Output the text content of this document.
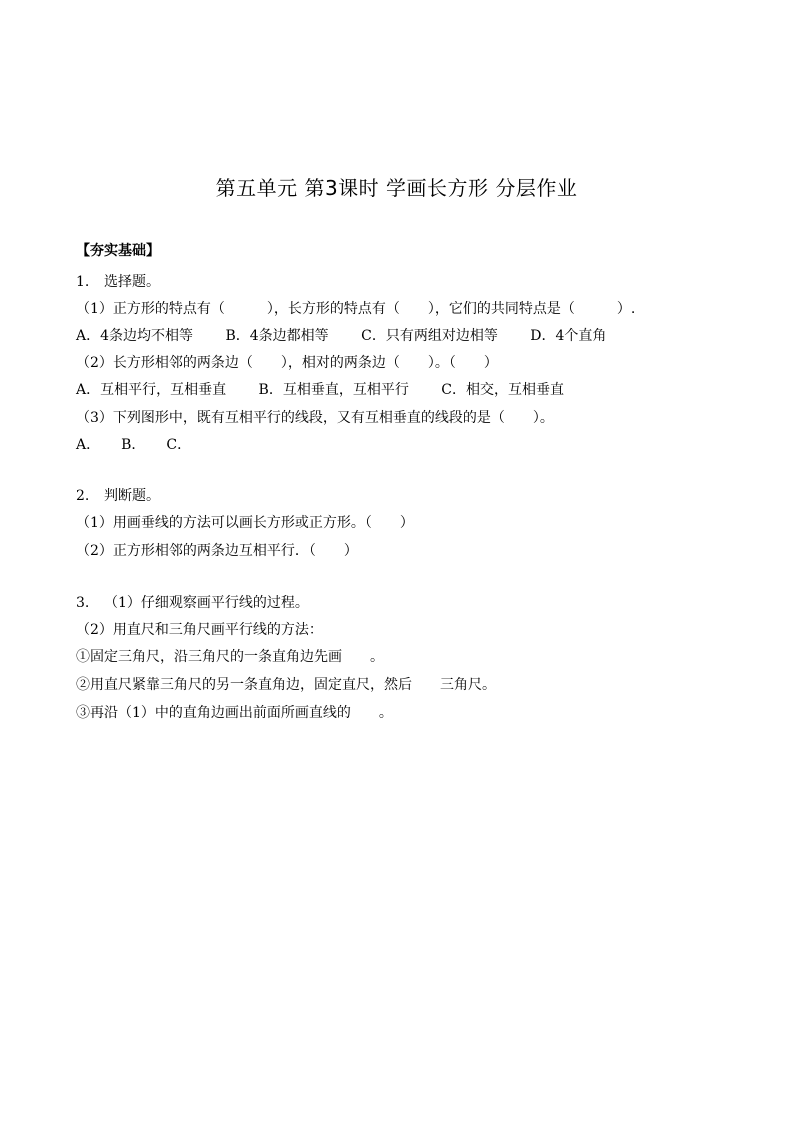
第五单元 第3课时 学画长方形 分层作业
【夯实基础】
1. 选择题。
（1）正方形的特点有（　　　），长方形的特点有（　　），它们的共同特点是（　　　）.
A．4条边均不相等　　 B．4条边都相等　　 C．只有两组对边相等　　 D．4个直角
（2）长方形相邻的两条边（　　），相对的两条边（　　）。（　　）
A．互相平行，互相垂直　　 B．互相垂直，互相平行　　 C．相交，互相垂直
（3）下列图形中，既有互相平行的线段，又有互相垂直的线段的是（　　）。
A．　　B．　　C．
2. 判断题。
（1）用画垂线的方法可以画长方形或正方形。（　　）
（2）正方形相邻的两条边互相平行．（　　）
3. （1）仔细观察画平行线的过程。
（2）用直尺和三角尺画平行线的方法：
①固定三角尺，沿三角尺的一条直角边先画　　。
②用直尺紧靠三角尺的另一条直角边，固定直尺，然后　　三角尺。
③再沿（1）中的直角边画出前面所画直线的　　。
